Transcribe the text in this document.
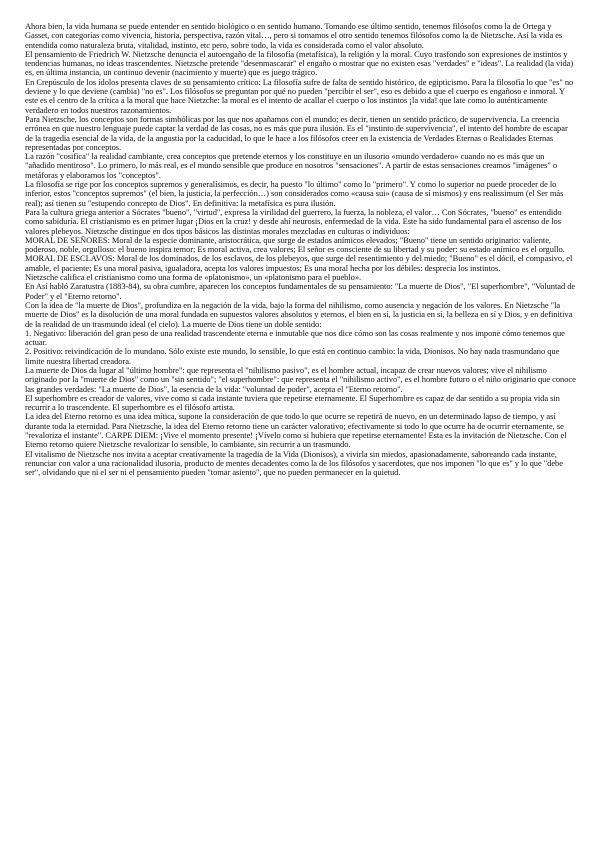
Ahora bien, la vida humana se puede entender en sentido biológico o en sentido humano. Tomando ese último sentido, tenemos filósofos como la de Ortega y Gasset, con categorías como vivencia, historia, perspectiva, razón vital…, pero si tomamos el otro sentido tenemos filósofos como la de Nietzsche. Así la vida es entendida como naturaleza bruta, vitalidad, instinto, etc pero, sobre todo, la vida es considerada como el valor absoluto.

El pensamiento de Friedrich W. Nietzsche denuncia el autoengaño de la filosofía (metafísica), la religión y la moral. Cuyo trasfondo son expresiones de instintos y tendencias humanas, no ideas trascendentes. Nietzsche pretende "desenmascarar" el engaño o mostrar que no existen esas "verdades" e "ideas". La realidad (la vida) es, en última instancia, un continuo devenir (nacimiento y muerte) que es juego trágico.

En Crepúsculo de los ídolos presenta claves de su pensamiento crítico: La filosofía sufre de falta de sentido histórico, de egipticismo. Para la filosofía lo que "es" no deviene y lo que deviene (cambia) "no es". Los filósofos se preguntan por qué no pueden "percibir el ser", eso es debido a que el cuerpo es engañoso e inmoral. Y este es el centro de la crítica a la moral que hace Nietzche: la moral es el intento de acallar el cuerpo o los instintos ¡la vida! que late como lo auténticamente verdadero en todos nuestros razonamientos.

Para Nietzsche, los conceptos son formas simbólicas por las que nos apañamos con el mundo; es decir, tienen un sentido práctico, de supervivencia. La creencia errónea en que nuestro lenguaje puede captar la verdad de las cosas, no es más que pura ilusión. Es el "instinto de supervivencia", el intento del hombre de escapar de la tragedia esencial de la vida, de la angustia por la caducidad, lo que le hace a los filósofos creer en la existencia de Verdades Eternas o Realidades Eternas representadas por conceptos.

La razón "cosifica" la realidad cambiante, crea conceptos que pretende eternos y los constituye en un ilusorio «mundo verdadero» cuando no es más que un "añadido mentiroso". Lo primero, lo más real, es el mundo sensible que produce en nosotros "sensaciones". A partir de estas sensaciones creamos "imágenes" o metáforas y elaboramos los "conceptos".

La filosofía se rige por los conceptos supremos y generalísimos, es decir, ha puesto "lo último" como lo "primero". Y como lo superior no puede proceder de lo inferior, estos "conceptos supremos" (el bien, la justicia, la perfección…) son considerados como «causa sui» (causa de sí mismos) y ens realissimum (el Ser más real); así tienen su "estupendo concepto de Dios". En definitiva: la metafísica es pura ilusión.

Para la cultura griega anterior a Sócrates "bueno", "virtud", expresa la virilidad del guerrero, la fuerza, la nobleza, el valor… Con Sócrates, "bueno" es entendido como sabiduría. El cristianismo es en primer lugar ¡Dios en la cruz! y desde ahí neurosis, enfermedad de la vida. Este ha sido fundamental para el ascenso de los valores plebeyos. Nietzsche distingue en dos tipos básicos las distintas morales mezcladas en culturas o individuos:

MORAL DE SEÑORES: Moral de la especie dominante, aristocrática, que surge de estados anímicos elevados; "Bueno" tiene un sentido originario: valiente, poderoso, noble, orgulloso: el bueno inspira temor; Es moral activa, crea valores; El señor es consciente de su libertad y su poder: su estado anímico es el orgullo.

MORAL DE ESCLAVOS: Moral de los dominados, de los esclavos, de los plebeyos, que surge del resentimiento y del miedo; "Bueno" es el dócil, el compasivo, el amable, el paciente; Es una moral pasiva, igualadora, acepta los valores impuestos; Es una moral hecha por los débiles: desprecia los instintos.

Nietzsche califica el cristianismo como una forma de «platonismo», un «platonismo para el pueblo».

En Así habló Zaratustra (1883-84), su obra cumbre, aparecen los conceptos fundamentales de su pensamiento: "La muerte de Dios", "El superhombre", "Voluntad de Poder" y el "Eterno retorno".

Con la idea de "la muerte de Dios", profundiza en la negación de la vida, bajo la forma del nihilismo, como ausencia y negación de los valores. En Nietzsche "la muerte de Dios" es la disolución de una moral fundada en supuestos valores absolutos y eternos, el bien en sí, la justicia en sí, la belleza en sí y Dios, y en definitiva de la realidad de un trasmundo ideal (el cielo). La muerte de Dios tiene un doble sentido:

1. Negativo: liberación del gran peso de una realidad trascendente eterna e inmutable que nos dice cómo son las cosas realmente y nos impone cómo tenemos que actuar.

2. Positivo: reivindicación de lo mundano. Sólo existe este mundo, lo sensible, lo que está en continuo cambio: la vida, Dionisos. No hay nada trasmundano que limite nuestra libertad creadora.

La muerte de Dios da lugar al "último hombre": que representa el "nihilismo pasivo", es el hombre actual, incapaz de crear nuevos valores; vive el nihilismo originado por la "muerte de Dios" como un "sin sentido"; "el superhombre": que representa el "nihilismo activo", es el hombre futuro o el niño originario que conoce las grandes verdades: "La muerte de Dios", la esencia de la vida: "voluntad de poder", acepta el "Eterno retorno".

El superhombre es creador de valores, vive como si cada instante tuviera que repetirse eternamente. El Superhombre es capaz de dar sentido a su propia vida sin recurrir a lo trascendente. El superhombre es el filósofo artista.

La idea del Eterno retorno es una idea mítica, supone la consideración de que todo lo que ocurre se repetirá de nuevo, en un determinado lapso de tiempo, y así durante toda la eternidad. Para Nietzsche, la idea del Eterno retorno tiene un carácter valorativo; efectivamente si todo lo que ocurre ha de ocurrir eternamente, se "revaloriza el instante". CARPE DIEM: ¡Vive el momento presente! ¡Vívelo como si hubiera que repetirse eternamente! Esta es la invitación de Nietzsche. Con el Eterno retorno quiere Nietzsche revalorizar lo sensible, lo cambiante, sin recurrir a un trasmundo.

El vitalismo de Nietzsche nos invita a aceptar creativamente la tragedia de la Vida (Dionisos), a vivirla sin miedos, apasionadamente, saboreando cada instante, renunciar con valor a una racionalidad ilusoria, producto de mentes decadentes como la de los filósofos y sacerdotes, que nos imponen "lo que es" y lo que "debe ser", olvidando que ni el ser ni el pensamiento pueden "tomar asiento", que no pueden permanecer en la quietud.
